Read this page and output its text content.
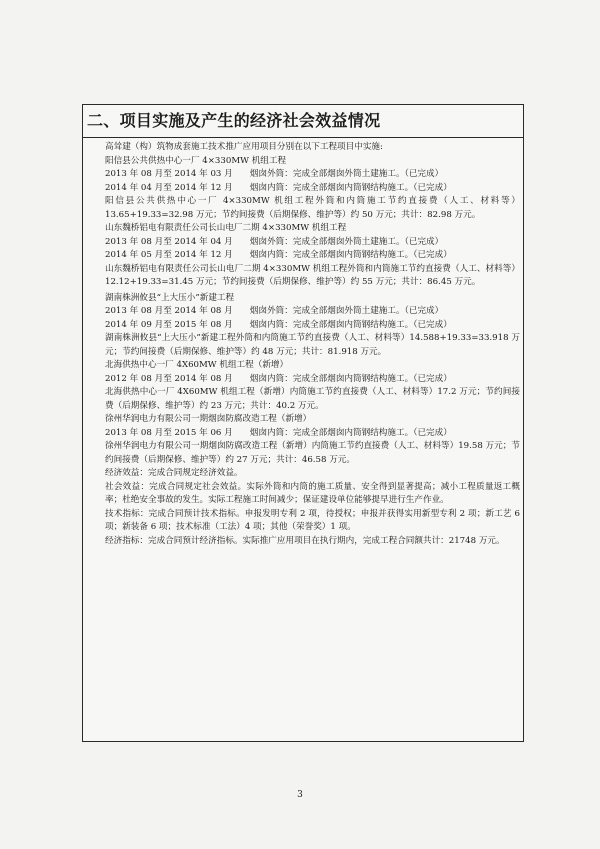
二、项目实施及产生的经济社会效益情况

高耸建（构）筑物成套施工技术推广应用项目分别在以下工程项目中实施:

阳信县公共供热中心一厂 4×330MW 机组工程

2013 年 08 月至 2014 年 03 月　　烟囱外筒：完成全部烟囱外筒土建施工。（已完成）

2014 年 04 月至 2014 年 12 月　　烟囱内筒：完成全部烟囱内筒钢结构施工。（已完成）

阳信县公共供热中心一厂 4×330MW 机组工程外筒和内筒施工节约直接费（人工、材料等）13.65+19.33=32.98 万元；节约间接费（后期保修、维护等）约 50 万元；共计：82.98 万元。

山东魏桥铝电有限责任公司长山电厂二期 4×330MW 机组工程

2013 年 08 月至 2014 年 04 月　　烟囱外筒：完成全部烟囱外筒土建施工。（已完成）

2014 年 05 月至 2014 年 12 月　　烟囱内筒：完成全部烟囱内筒钢结构施工。（已完成）

山东魏桥铝电有限责任公司长山电厂二期 4×330MW 机组工程外筒和内筒施工节约直接费（人工、材料等）12.12+19.33=31.45 万元；节约间接费（后期保修、维护等）约 55 万元；共计：86.45 万元。

湖南株洲攸县“上大压小”新建工程

2013 年 08 月至 2014 年 08 月　　烟囱外筒：完成全部烟囱外筒土建施工。（已完成）

2014 年 09 月至 2015 年 08 月　　烟囱内筒：完成全部烟囱内筒钢结构施工。（已完成）

湖南株洲攸县“上大压小”新建工程外筒和内筒施工节约直接费（人工、材料等）14.588+19.33=33.918 万元；节约间接费（后期保修、维护等）约 48 万元；共计：81.918 万元。

北海供热中心一厂 4X60MW 机组工程（新增）

2012 年 08 月至 2014 年 08 月　　烟囱内筒：完成全部烟囱内筒钢结构施工。（已完成）

北海供热中心一厂 4X60MW 机组工程（新增）内筒施工节约直接费（人工、材料等）17.2 万元；节约间接费（后期保修、维护等）约 23 万元；共计：40.2 万元。

徐州华润电力有限公司一期烟囱防腐改造工程（新增）

2013 年 08 月至 2015 年 06 月　　烟囱内筒：完成全部烟囱内筒钢结构施工。（已完成）

徐州华润电力有限公司一期烟囱防腐改造工程（新增）内筒施工节约直接费（人工、材料等）19.58 万元；节约间接费（后期保修、维护等）约 27 万元；共计：46.58 万元。

经济效益：完成合同规定经济效益。

社会效益：完成合同规定社会效益。实际外筒和内筒的施工质量、安全得到显著提高；减小工程质量返工概率；杜绝安全事故的发生。实际工程施工时间减少；保证建设单位能够提早进行生产作业。

技术指标：完成合同预计技术指标。申报发明专利 2 项，待授权；申报并获得实用新型专利 2 项；新工艺 6 项；新装备 6 项；技术标准（工法）4 项；其他（荣誉奖）1 项。

经济指标：完成合同预计经济指标。实际推广应用项目在执行期内，完成工程合同额共计：21748 万元。

3
